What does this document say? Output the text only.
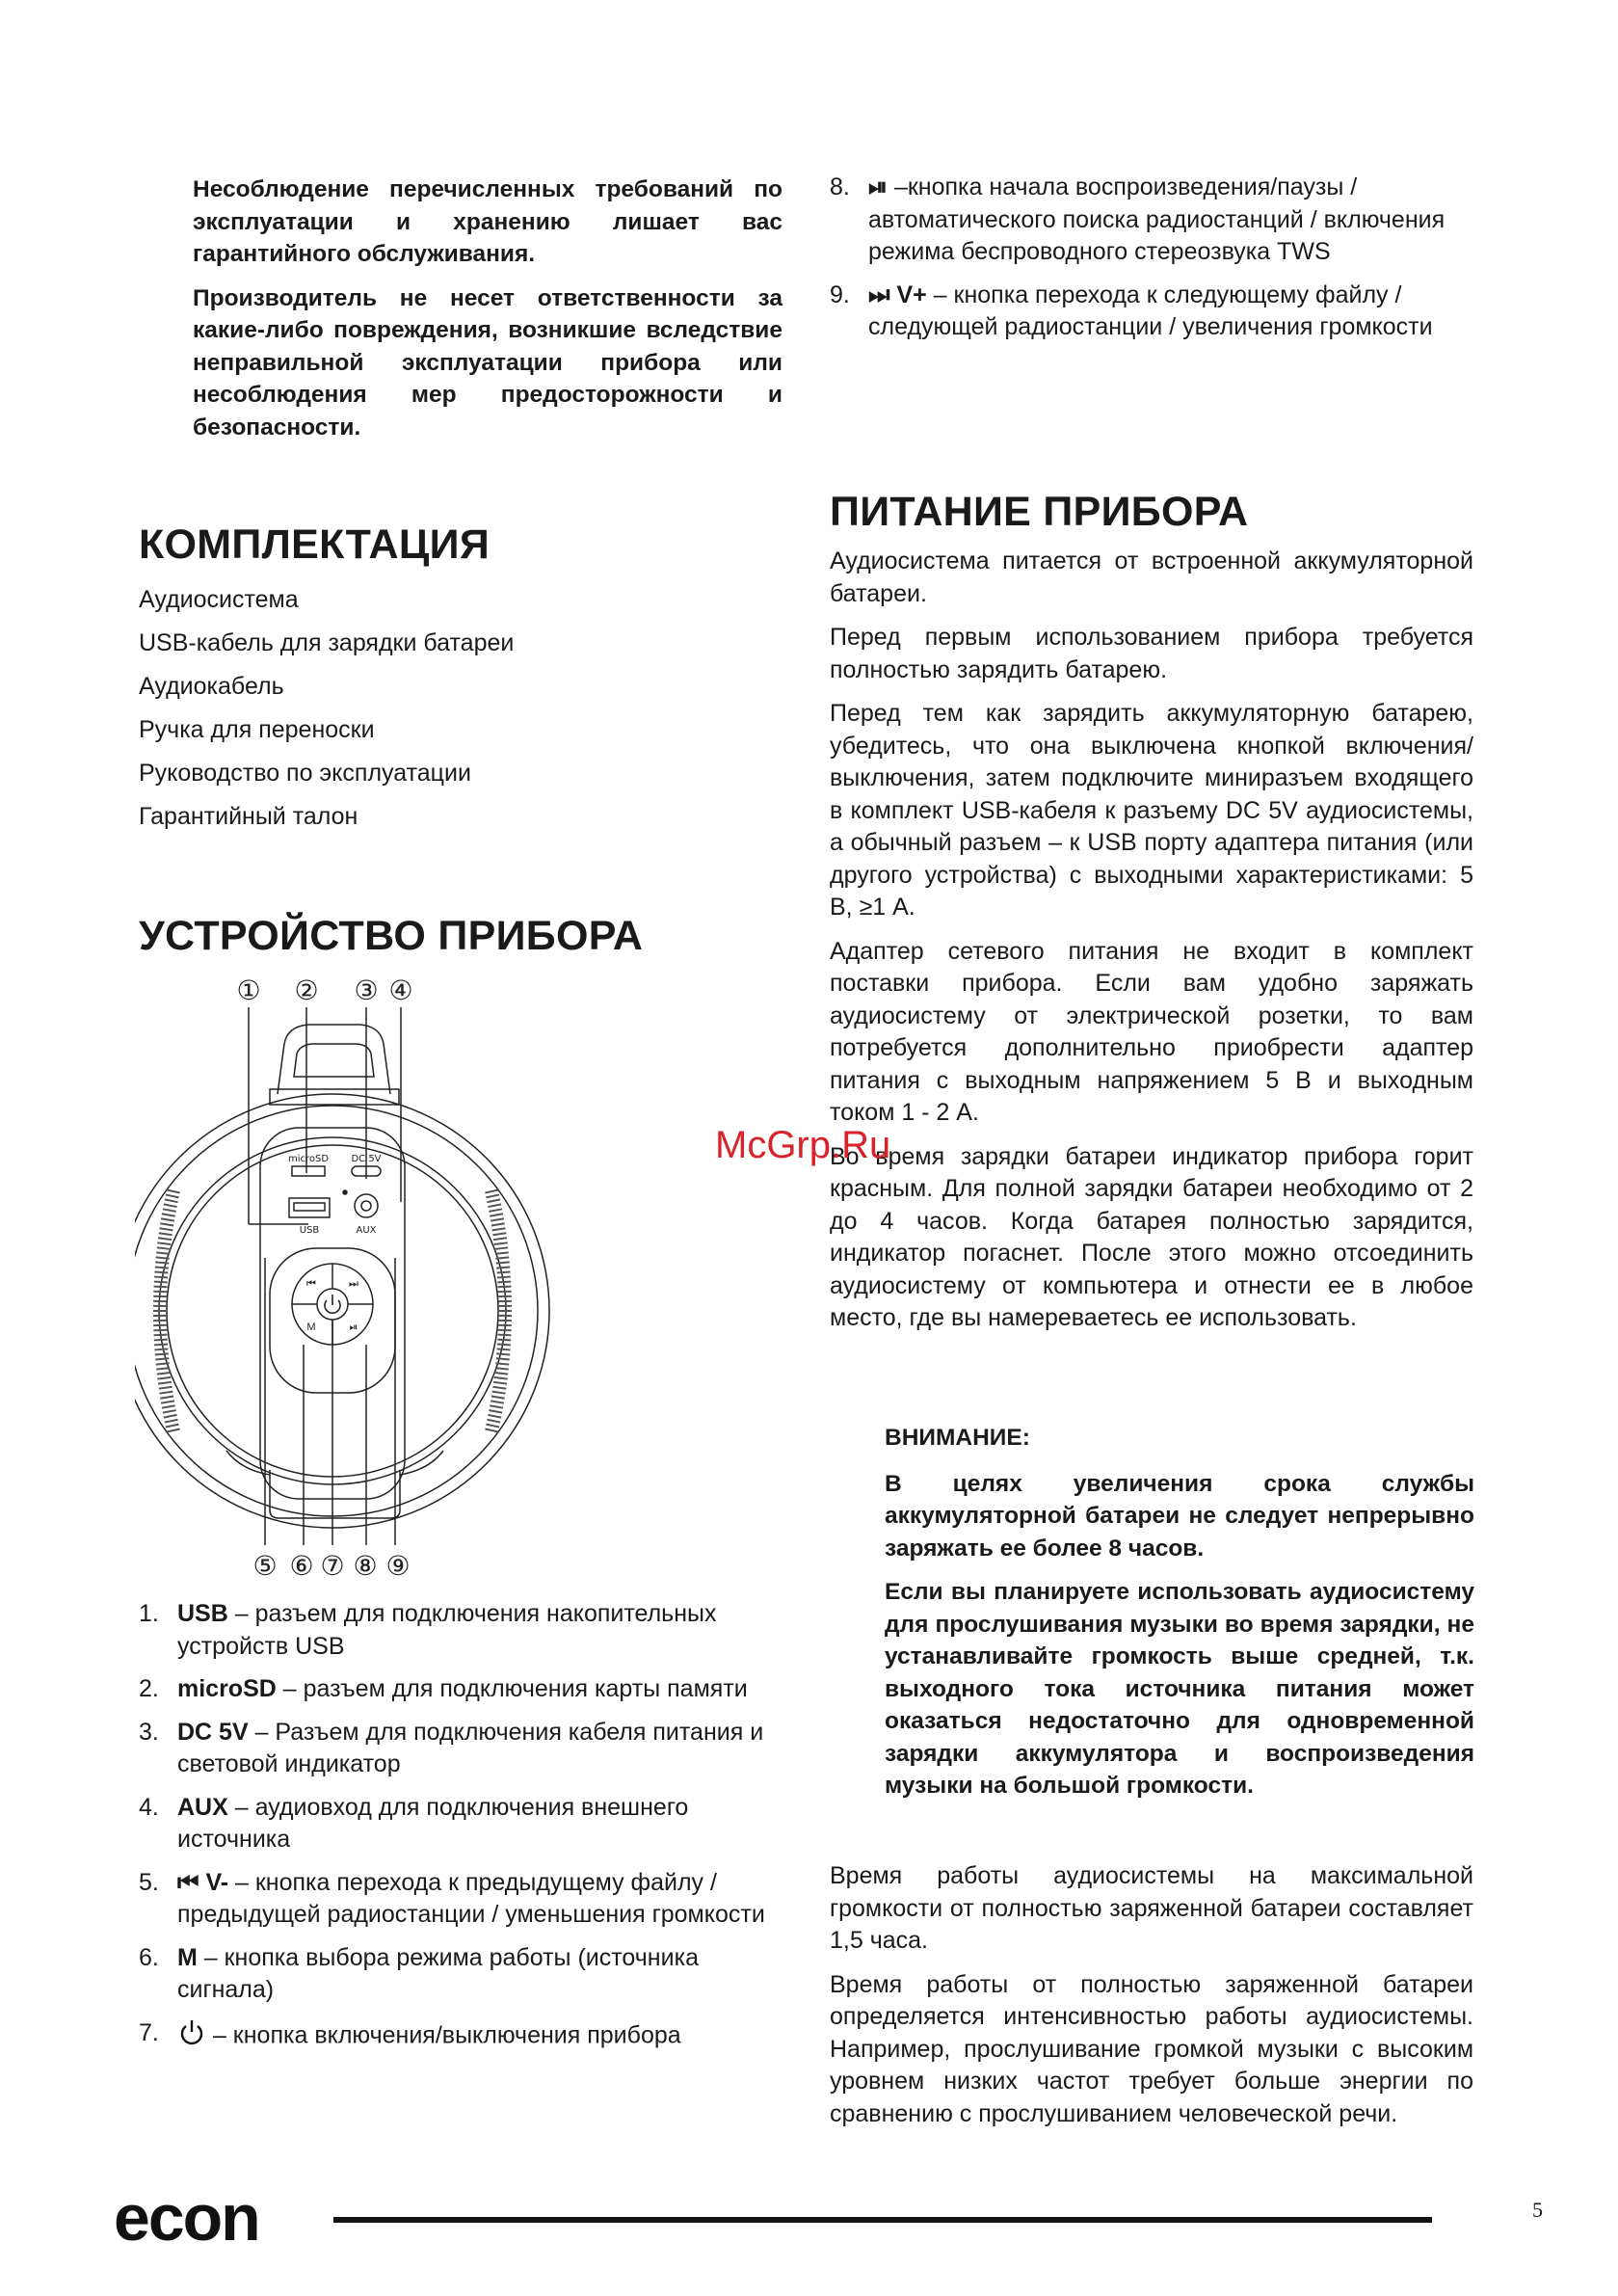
Несоблюдение перечисленных требований по эксплуатации и хранению лишает вас гарантийного обслуживания.

Производитель не несет ответственности за какие-либо повреждения, возникшие вследствие неправильной эксплуатации прибора или несоблюдения мер предосторожности и безопасности.

8. ⏯ –кнопка начала воспроизведения/паузы / автоматического поиска радиостанций / включения режима беспроводного стереозвука TWS
9. ⏭ V+ – кнопка перехода к следующему файлу / следующей радиостанции / увеличения громкости
КОМПЛЕКТАЦИЯ
Аудиосистема
USB-кабель для зарядки батареи
Аудиокабель
Ручка для переноски
Руководство по эксплуатации
Гарантийный талон
УСТРОЙСТВО ПРИБОРА
① ② ③ ④
microSD DC 5V
USB	AUX
⏮	⏭
M	⏯
⑤ ⑥ ⑦ ⑧ ⑨
1. USB – разъем для подключения накопительных устройств USB
2. microSD – разъем для подключения карты памяти
3. DC 5V – Разъем для подключения кабеля питания и световой индикатор
4. AUX – аудиовход для подключения внешнего источника
5. ⏮ V- – кнопка перехода к предыдущему файлу / предыдущей радиостанции / уменьшения громкости
6. M – кнопка выбора режима работы (источника сигнала)
7. – кнопка включения/выключения прибора
ПИТАНИЕ ПРИБОРА

Аудиосистема питается от встроенной аккумуляторной батареи.

Перед первым использованием прибора требуется полностью зарядить батарею.

Перед тем как зарядить аккумуляторную батарею, убедитесь, что она выключена кнопкой включения/выключения, затем подключите миниразъем входящего в комплект USB-кабеля к разъему DC 5V аудиосистемы, а обычный разъем – к USB порту адаптера питания (или другого устройства) с выходными характеристиками: 5 В, ≥1 А.

Адаптер сетевого питания не входит в комплект поставки прибора. Если вам удобно заряжать аудиосистему от электрической розетки, то вам потребуется дополнительно приобрести адаптер питания с выходным напряжением 5 В и выходным током 1 - 2 А.

Во время зарядки батареи индикатор прибора горит красным. Для полной зарядки батареи необходимо от 2 до 4 часов. Когда батарея полностью зарядится, индикатор погаснет. После этого можно отсоединить аудиосистему от компьютера и отнести ее в любое место, где вы намереваетесь ее использовать.

ВНИМАНИЕ:

В целях увеличения срока службы аккумуляторной батареи не следует непрерывно заряжать ее более 8 часов.

Если вы планируете использовать аудиосистему для прослушивания музыки во время зарядки, не устанавливайте громкость выше средней, т.к. выходного тока источника питания может оказаться недостаточно для одновременной зарядки аккумулятора и воспроизведения музыки на большой громкости.

Время работы аудиосистемы на максимальной громкости от полностью заряженной батареи составляет 1,5 часа.

Время работы от полностью заряженной батареи определяется интенсивностью работы аудиосистемы. Например, прослушивание громкой музыки с высоким уровнем низких частот требует больше энергии по сравнению с прослушиванием человеческой речи.

McGrp.Ru
econ	5
